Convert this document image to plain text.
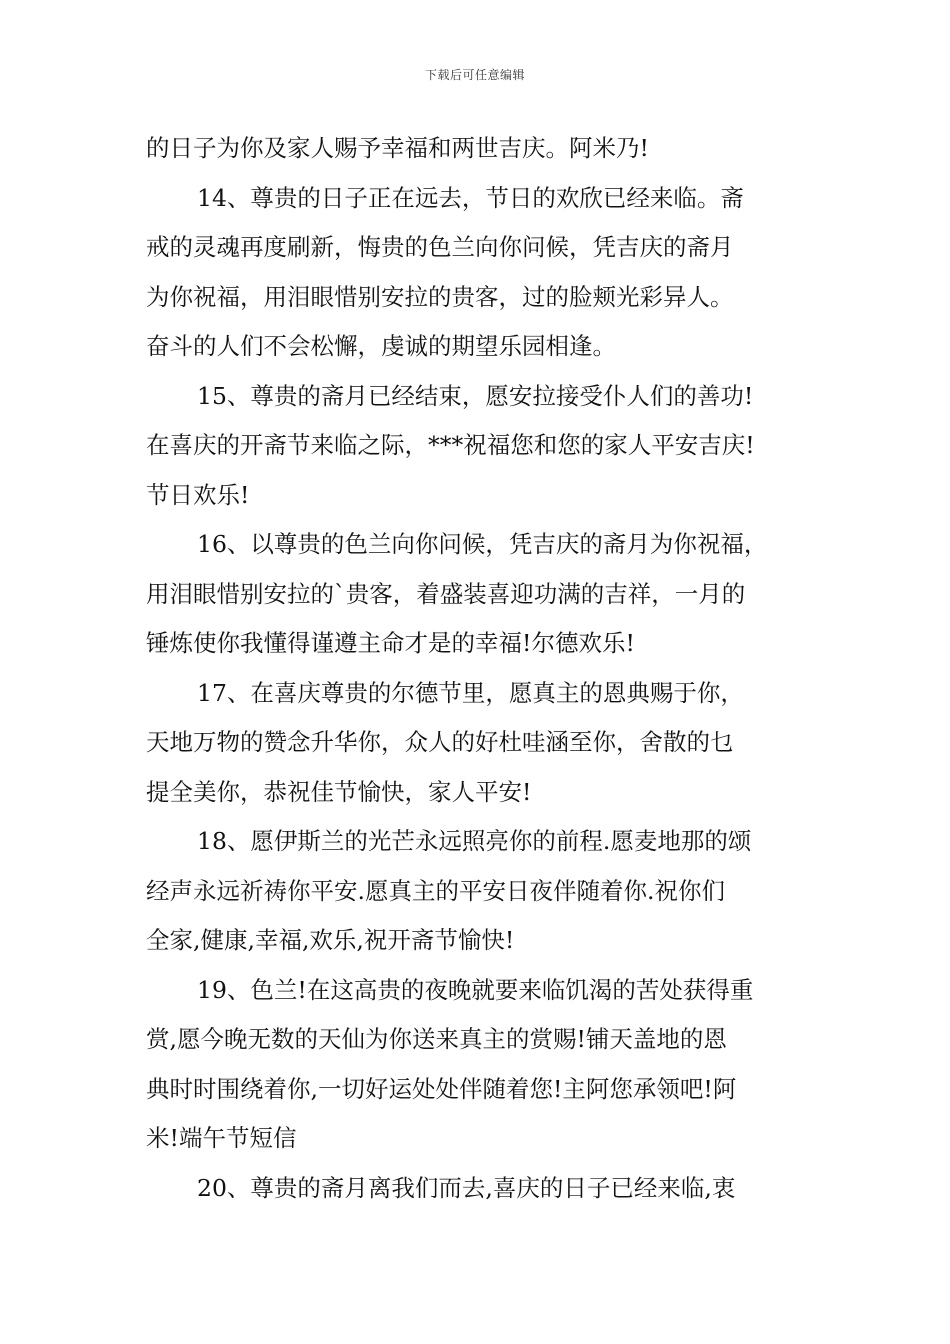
下载后可任意编辑
的日子为你及家人赐予幸福和两世吉庆。阿米乃!
14、尊贵的日子正在远去，节日的欢欣已经来临。斋
戒的灵魂再度刷新，悔贵的色兰向你问候，凭吉庆的斋月
为你祝福，用泪眼惜别安拉的贵客，过的脸颊光彩异人。
奋斗的人们不会松懈，虔诚的期望乐园相逢。
15、尊贵的斋月已经结束，愿安拉接受仆人们的善功!
在喜庆的开斋节来临之际，***祝福您和您的家人平安吉庆!
节日欢乐!
16、以尊贵的色兰向你问候，凭吉庆的斋月为你祝福，
用泪眼惜别安拉的`贵客，着盛装喜迎功满的吉祥，一月的
锤炼使你我懂得谨遵主命才是的幸福!尔德欢乐!
17、在喜庆尊贵的尔德节里，愿真主的恩典赐于你，
天地万物的赞念升华你，众人的好杜哇涵至你，舍散的乜
提全美你，恭祝佳节愉快，家人平安!
18、愿伊斯兰的光芒永远照亮你的前程.愿麦地那的颂
经声永远祈祷你平安.愿真主的平安日夜伴随着你.祝你们
全家,健康,幸福,欢乐,祝开斋节愉快!
19、色兰!在这高贵的夜晚就要来临饥渴的苦处获得重
赏,愿今晚无数的天仙为你送来真主的赏赐!铺天盖地的恩
典时时围绕着你,一切好运处处伴随着您!主阿您承领吧!阿
米!端午节短信
20、尊贵的斋月离我们而去,喜庆的日子已经来临,衷
